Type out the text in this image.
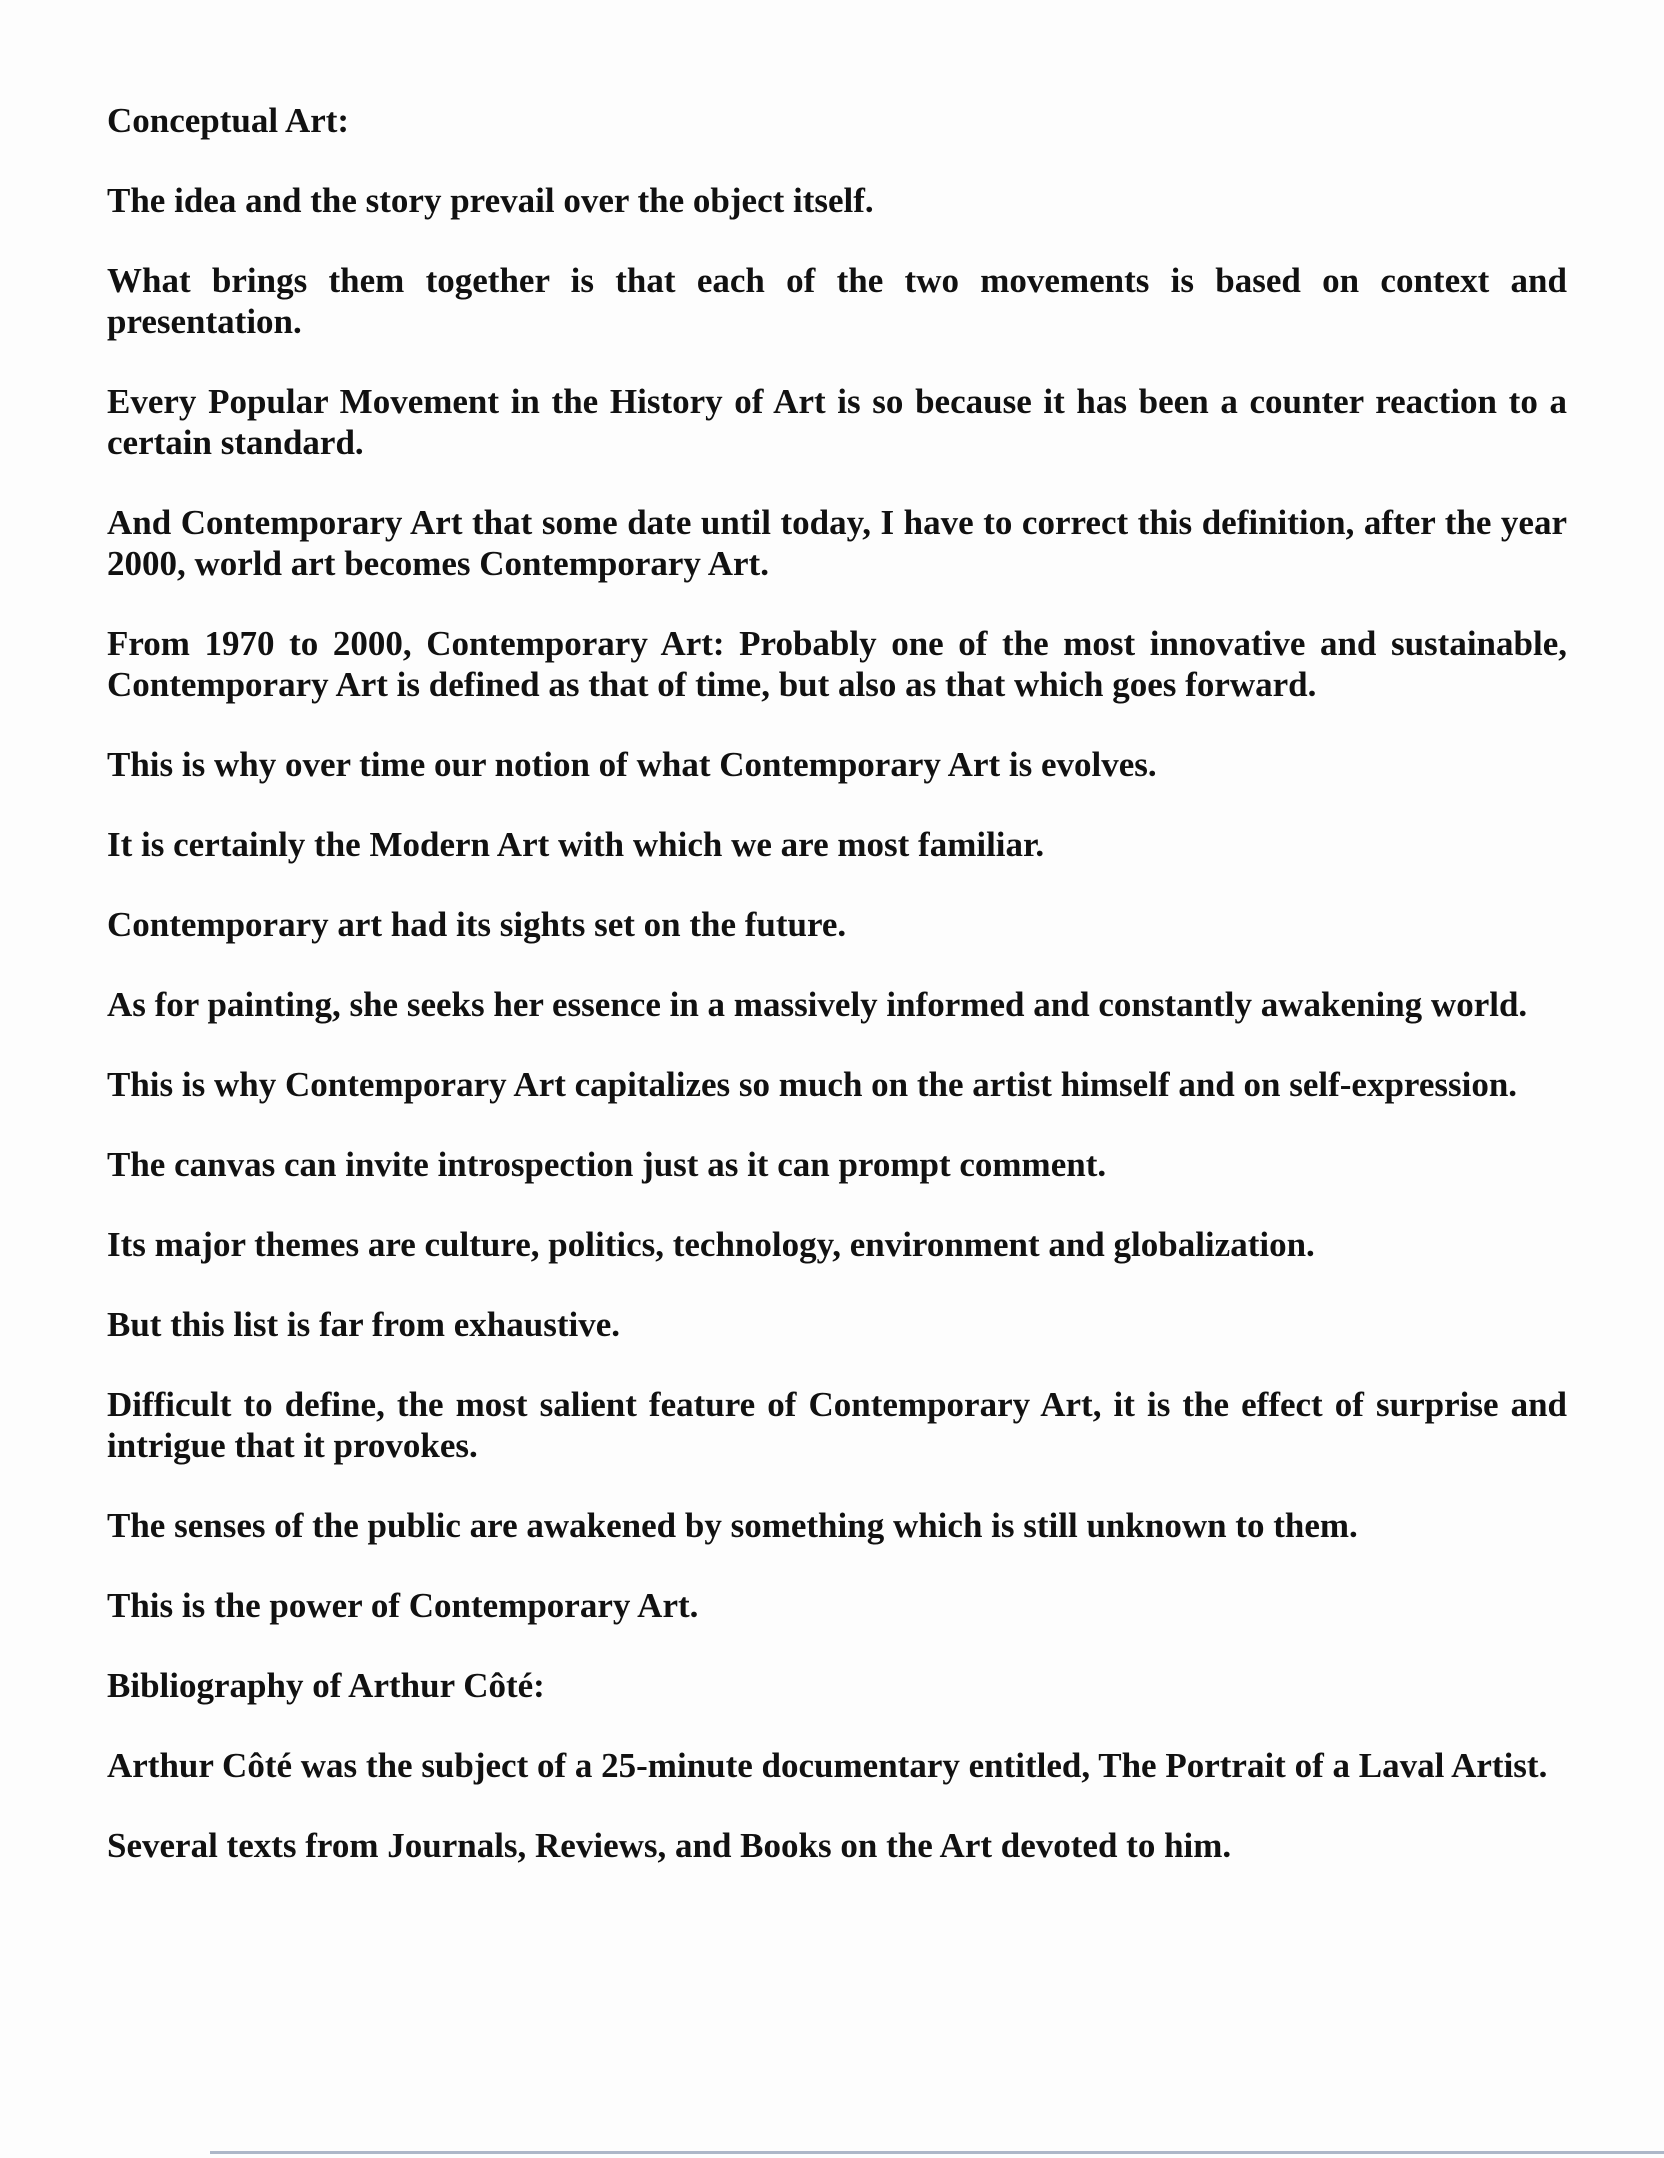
Conceptual Art:

The idea and the story prevail over the object itself.

What brings them together is that each of the two movements is based on context and presentation.

Every Popular Movement in the History of Art is so because it has been a counter reaction to a certain standard.

And Contemporary Art that some date until today, I have to correct this definition, after the year 2000, world art becomes Contemporary Art.

From 1970 to 2000, Contemporary Art: Probably one of the most innovative and sustainable, Contemporary Art is defined as that of time, but also as that which goes forward.

This is why over time our notion of what Contemporary Art is evolves.

It is certainly the Modern Art with which we are most familiar.

Contemporary art had its sights set on the future.

As for painting, she seeks her essence in a massively informed and constantly awakening world.

This is why Contemporary Art capitalizes so much on the artist himself and on self-expression.

The canvas can invite introspection just as it can prompt comment.

Its major themes are culture, politics, technology, environment and globalization.

But this list is far from exhaustive.

Difficult to define, the most salient feature of Contemporary Art, it is the effect of surprise and intrigue that it provokes.

The senses of the public are awakened by something which is still unknown to them.

This is the power of Contemporary Art.

Bibliography of Arthur Côté:

Arthur Côté was the subject of a 25-minute documentary entitled, The Portrait of a Laval Artist.

Several texts from Journals, Reviews, and Books on the Art devoted to him.
